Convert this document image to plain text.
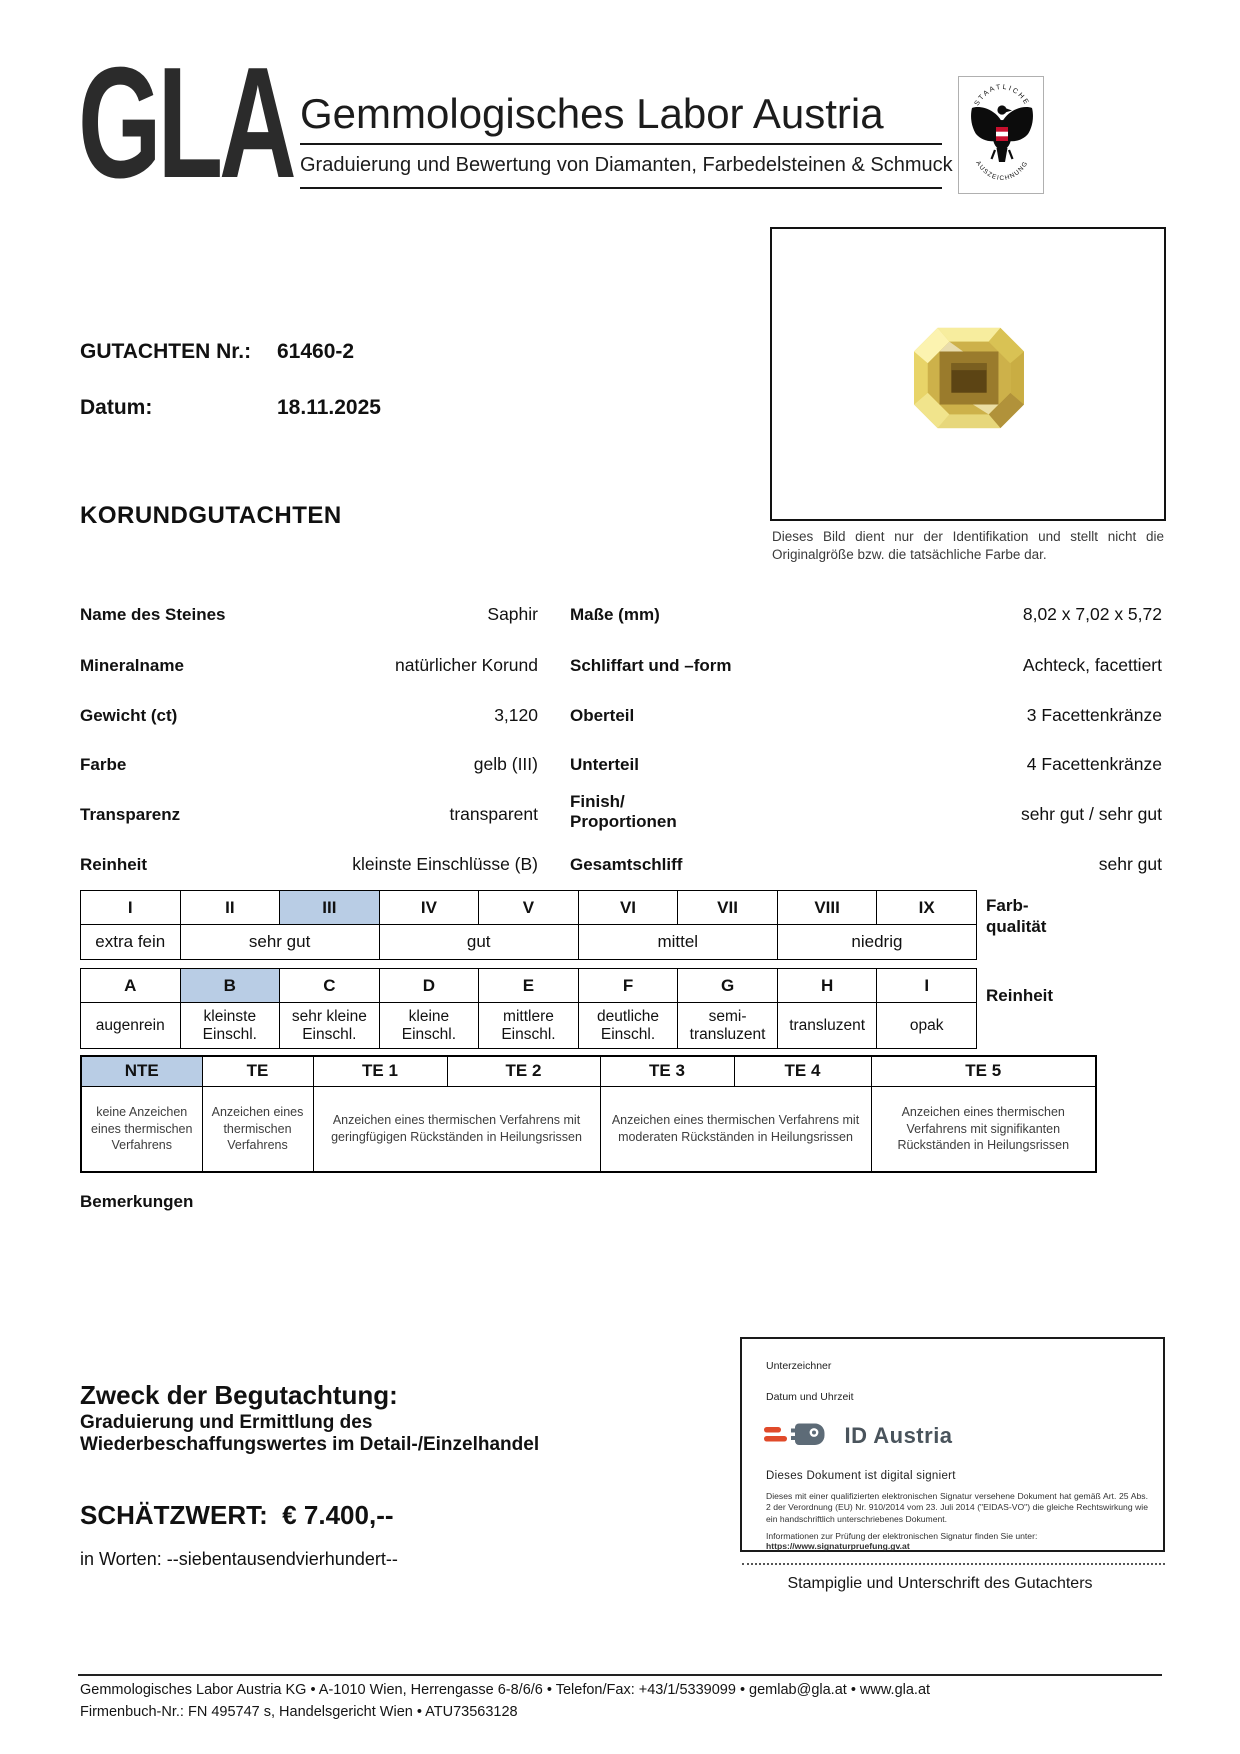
GLA Gemmologisches Labor Austria
Graduierung und Bewertung von Diamanten, Farbedelsteinen & Schmuck
STAATLICHE
AUSZEICHNUNG
GUTACHTEN Nr.: 61460-2
Datum:	18.11.2025
Dieses Bild dient nur der Identifikation und stellt nicht die Originalgröße bzw. die tatsächliche Farbe dar.
KORUNDGUTACHTEN
Name des Steines	Saphir
Mineralname	natürlicher Korund
Gewicht (ct)	3,120
Farbe	gelb (III)
Transparenz	transparent
Reinheit	kleinste Einschlüsse (B)
Maße (mm)	8,02 x 7,02 x 5,72
Schliffart und –form	Achteck, facettiert
Oberteil	3 Facettenkränze
Unterteil	4 Facettenkränze
Finish/ Proportionen	sehr gut / sehr gut
Gesamtschliff	sehr gut
I	II	III	IV	V	VI	VII	VIII	IX
extra fein	sehr gut		gut		mittel		niedrig	
Farb-
qualität
A	B	C	D	E	F	G	H	I
augenrein	kleinste Einschl.	sehr kleine Einschl.	kleine Einschl.	mittlere Einschl.	deutliche Einschl.	semi-transluzent	transluzent	opak
Reinheit
NTE	TE	TE 1	TE 2	TE 3	TE 4	TE 5
keine Anzeichen eines thermischen Verfahrens	Anzeichen eines thermischen Verfahrens	Anzeichen eines thermischen Verfahrens mit geringfügigen Rückständen in Heilungsrissen		Anzeichen eines thermischen Verfahrens mit moderaten Rückständen in Heilungsrissen		Anzeichen eines thermischen Verfahrens mit signifikanten Rückständen in Heilungsrissen
Bemerkungen
Zweck der Begutachtung:
Graduierung und Ermittlung des
Wiederbeschaffungswertes im Detail-/Einzelhandel
SCHÄTZWERT: € 7.400,--
in Worten: --siebentausendvierhundert--
Unterzeichner
Datum und Uhrzeit
ID Austria
Dieses Dokument ist digital signiert
Dieses mit einer qualifizierten elektronischen Signatur versehene Dokument hat gemäß Art. 25 Abs. 2 der Verordnung (EU) Nr. 910/2014 vom 23. Juli 2014 ("EIDAS-VO") die gleiche Rechtswirkung wie ein handschriftlich unterschriebenes Dokument.
Informationen zur Prüfung der elektronischen Signatur finden Sie unter: https://www.signaturpruefung.gv.at
Stampiglie und Unterschrift des Gutachters
Gemmologisches Labor Austria KG • A-1010 Wien, Herrengasse 6-8/6/6 • Telefon/Fax: +43/1/5339099 • gemlab@gla.at • www.gla.at
Firmenbuch-Nr.: FN 495747 s, Handelsgericht Wien • ATU73563128
